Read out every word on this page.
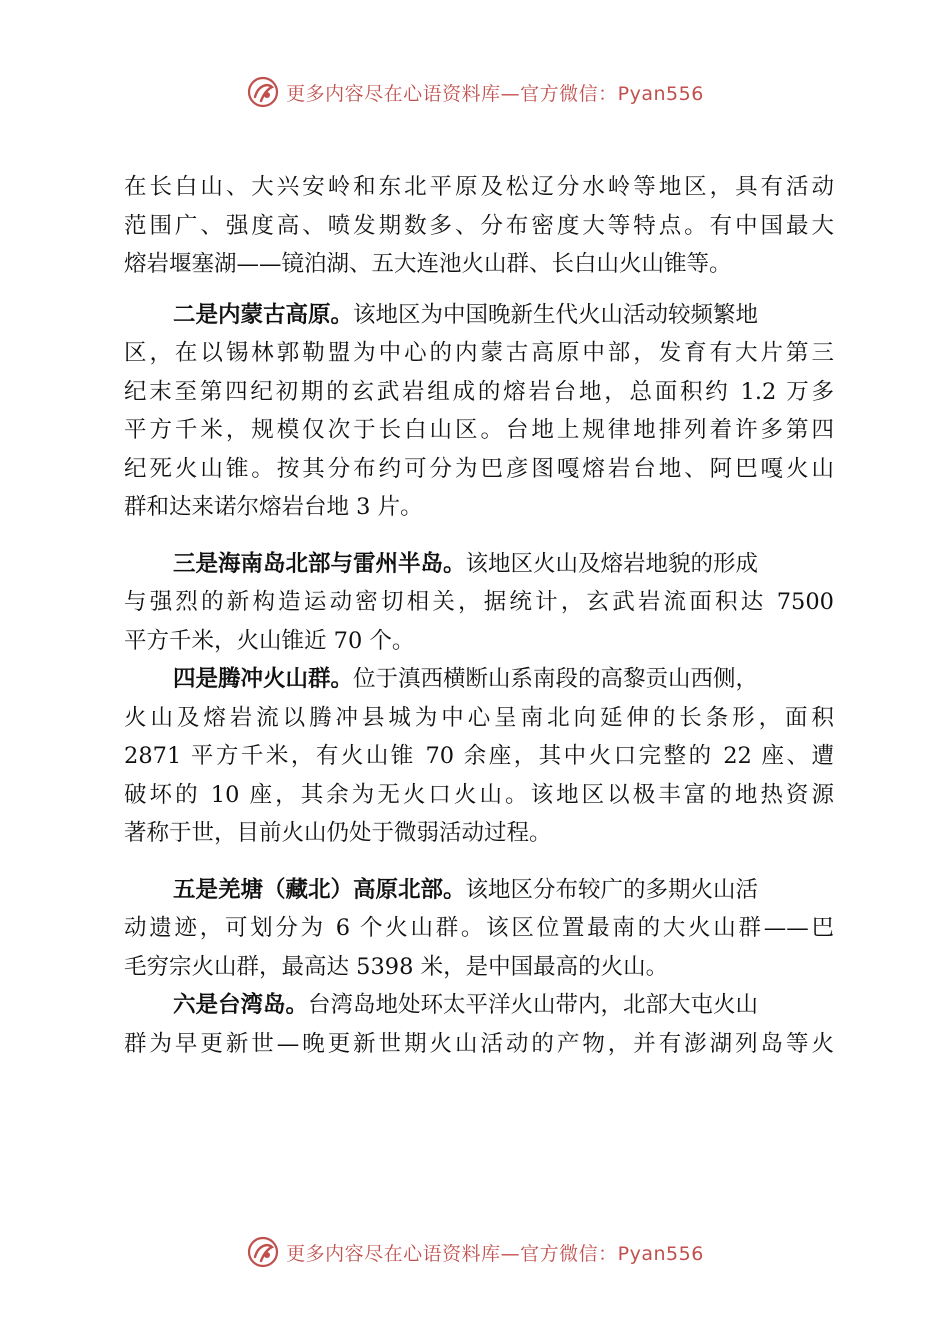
更多内容尽在心语资料库—官方微信：Pyan556
在长白山、大兴安岭和东北平原及松辽分水岭等地区，具有活动
范围广、强度高、喷发期数多、分布密度大等特点。有中国最大
熔岩堰塞湖——镜泊湖、五大连池火山群、长白山火山锥等。
二是内蒙古高原。该地区为中国晚新生代火山活动较频繁地
区，在以锡林郭勒盟为中心的内蒙古高原中部，发育有大片第三
纪末至第四纪初期的玄武岩组成的熔岩台地，总面积约 1.2 万多
平方千米，规模仅次于长白山区。台地上规律地排列着许多第四
纪死火山锥。按其分布约可分为巴彦图嘎熔岩台地、阿巴嘎火山
群和达来诺尔熔岩台地 3 片。
三是海南岛北部与雷州半岛。该地区火山及熔岩地貌的形成
与强烈的新构造运动密切相关，据统计，玄武岩流面积达 7500
平方千米，火山锥近 70 个。
四是腾冲火山群。位于滇西横断山系南段的高黎贡山西侧，
火山及熔岩流以腾冲县城为中心呈南北向延伸的长条形，面积
2871 平方千米，有火山锥 70 余座，其中火口完整的 22 座、遭
破坏的 10 座，其余为无火口火山。该地区以极丰富的地热资源
著称于世，目前火山仍处于微弱活动过程。
五是羌塘（藏北）高原北部。该地区分布较广的多期火山活
动遗迹，可划分为 6 个火山群。该区位置最南的大火山群——巴
毛穷宗火山群，最高达 5398 米，是中国最高的火山。
六是台湾岛。台湾岛地处环太平洋火山带内，北部大屯火山
群为早更新世—晚更新世期火山活动的产物，并有澎湖列岛等火
更多内容尽在心语资料库—官方微信：Pyan556
